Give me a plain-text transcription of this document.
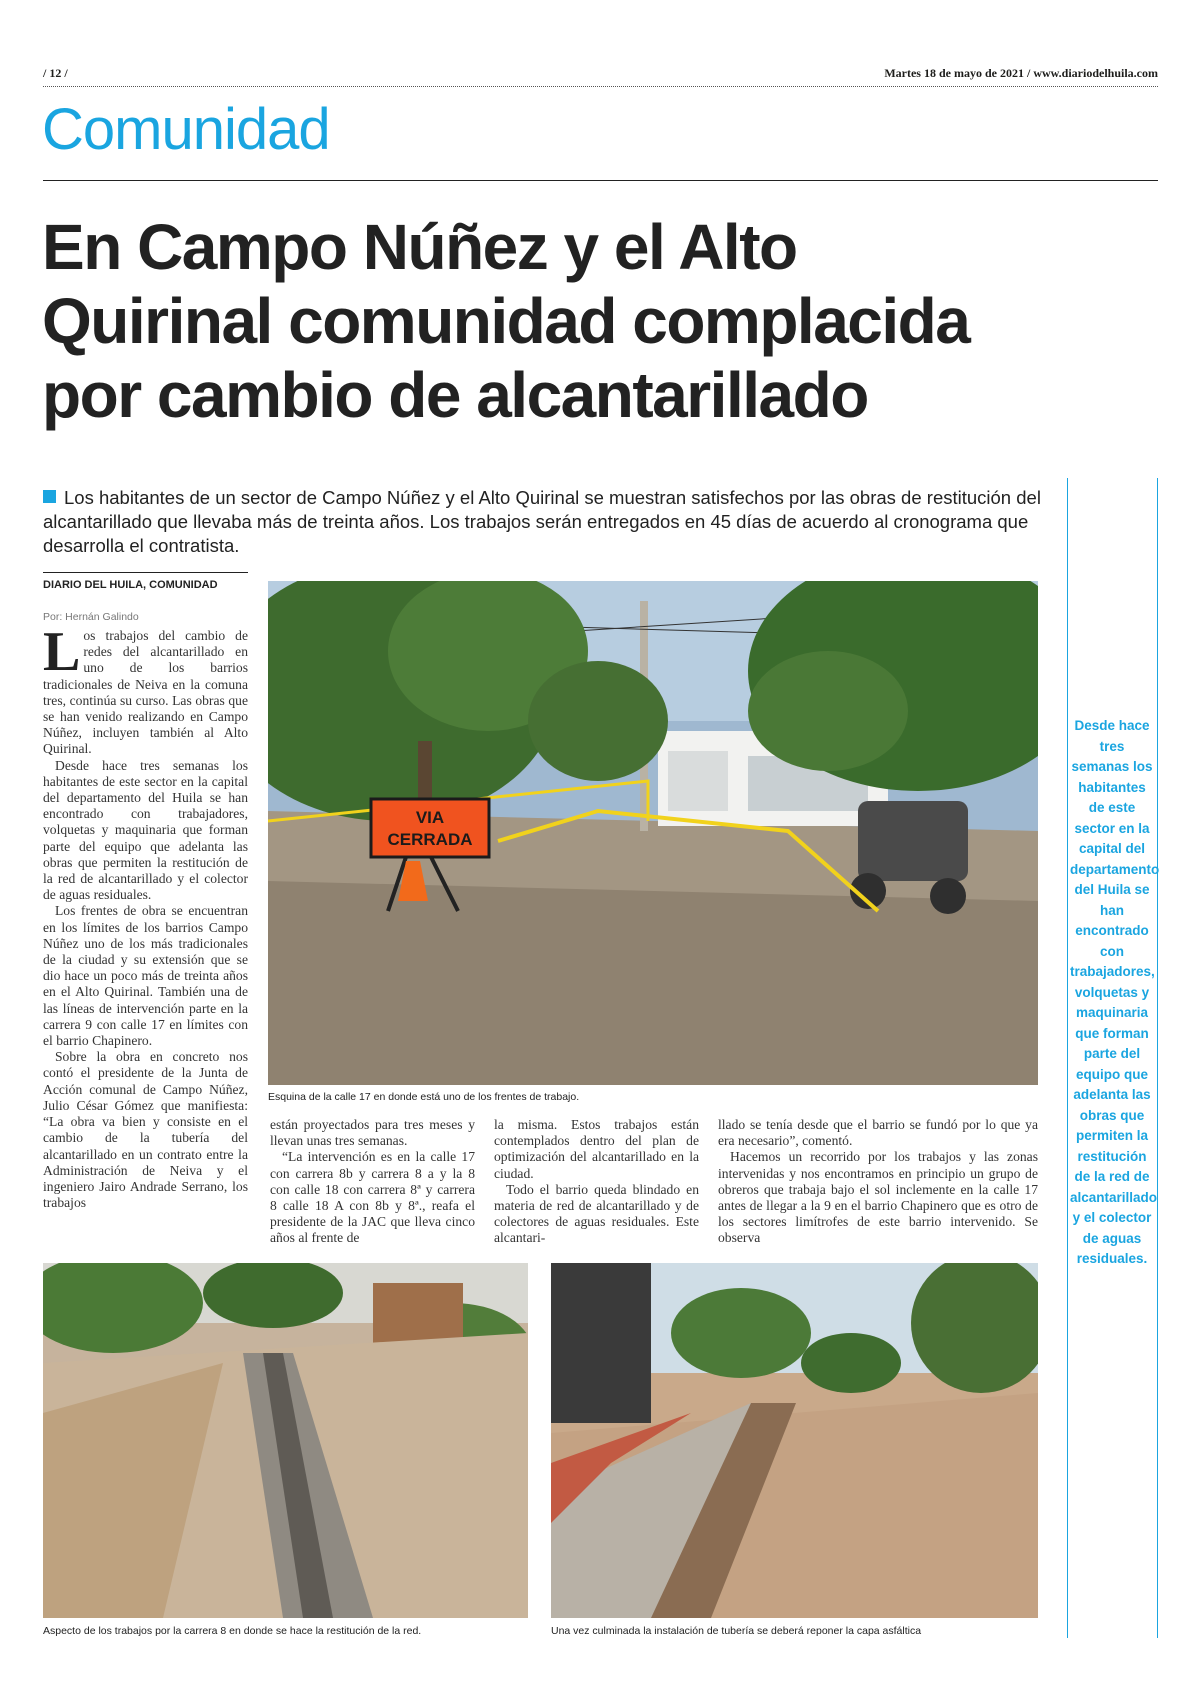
/ 12 /	Martes 18 de mayo de 2021 / www.diariodelhuila.com
Comunidad
En Campo Núñez y el Alto
Quirinal comunidad complacida
por cambio de alcantarillado
Los habitantes de un sector de Campo Núñez y el Alto Quirinal se muestran satisfechos por las obras de restitución del alcantarillado que llevaba más de treinta años. Los trabajos serán entregados en 45 días de acuerdo al cronograma que desarrolla el contratista.
Desde hace tres semanas los habitantes de este sector en la capital del departamento del Huila se han encontrado con trabajadores, volquetas y maquinaria que forman parte del equipo que adelanta las obras que permiten la restitución de la red de alcantarillado y el colector de aguas residuales.
DIARIO DEL HUILA, COMUNIDAD
Por: Hernán Galindo

Los trabajos del cambio de redes del alcantarillado en uno de los barrios tradicionales de Neiva en la comuna tres, continúa su curso. Las obras que se han venido realizando en Campo Núñez, incluyen también al Alto Quirinal.

Desde hace tres semanas los habitantes de este sector en la capital del departamento del Huila se han encontrado con trabajadores, volquetas y maquinaria que forman parte del equipo que adelanta las obras que permiten la restitución de la red de alcantarillado y el colector de aguas residuales.

Los frentes de obra se encuentran en los límites de los barrios Campo Núñez uno de los más tradicionales de la ciudad y su extensión que se dio hace un poco más de treinta años en el Alto Quirinal. También una de las líneas de intervención parte en la carrera 9 con calle 17 en límites con el barrio Chapinero.

Sobre la obra en concreto nos contó el presidente de la Junta de Acción comunal de Campo Núñez, Julio César Gómez que manifiesta: “La obra va bien y consiste en el cambio de la tubería del alcantarillado en un contrato entre la Administración de Neiva y el ingeniero Jairo Andrade Serrano, los trabajos

están proyectados para tres meses y llevan unas tres semanas.

“La intervención es en la calle 17 con carrera 8b y carrera 8 a y la 8 con calle 18 con carrera 8ª y carrera 8 calle 18 A con 8b y 8ª., reafa el presidente de la JAC que lleva cinco años al frente de

la misma. Estos trabajos están contemplados dentro del plan de optimización del alcantarillado en la ciudad.

Todo el barrio queda blindado en materia de red de alcantarillado y de colectores de aguas residuales. Este alcantari-

llado se tenía desde que el barrio se fundó por lo que ya era necesario”, comentó.

Hacemos un recorrido por los trabajos y las zonas intervenidas y nos encontramos en principio un grupo de obreros que trabaja bajo el sol inclemente en la calle 17 antes de llegar a la 9 en el barrio Chapinero que es otro de los sectores limítrofes de este barrio intervenido. Se observa

VIA
CERRADA
Esquina de la calle 17 en donde está uno de los frentes de trabajo.
Aspecto de los trabajos por la carrera 8 en donde se hace la restitución de la red.	Una vez culminada la instalación de tubería se deberá reponer la capa asfáltica
